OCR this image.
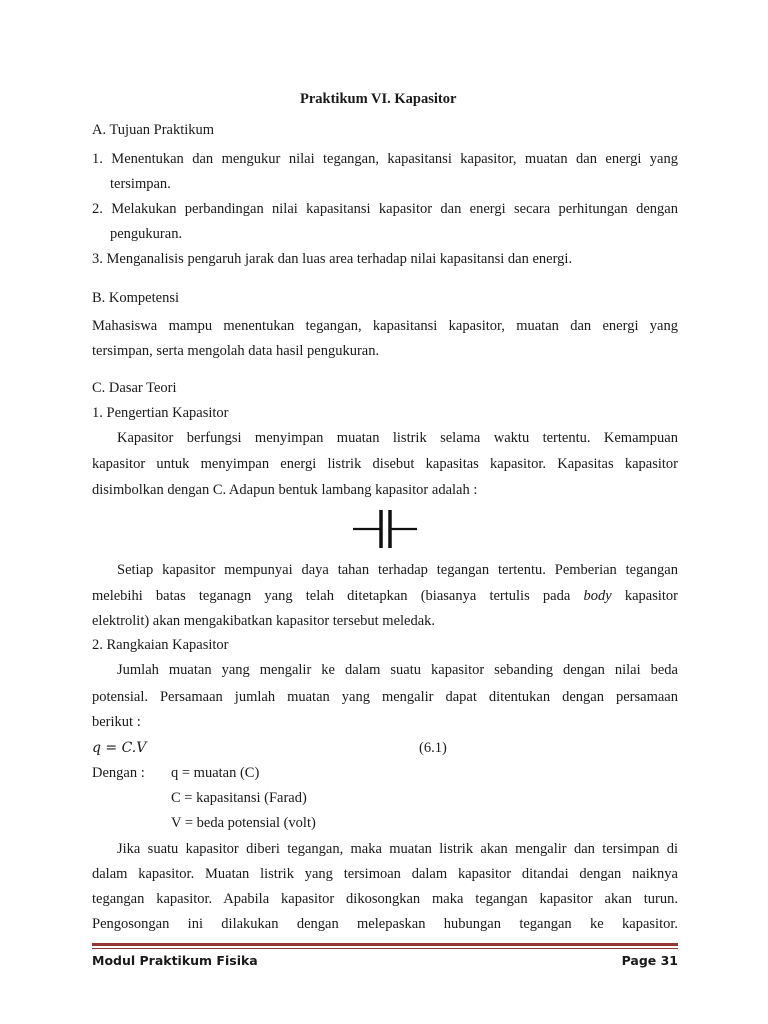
Praktikum VI. Kapasitor
A. Tujuan Praktikum
1. Menentukan dan mengukur nilai tegangan, kapasitansi kapasitor, muatan dan energi yang
tersimpan.
2. Melakukan perbandingan nilai kapasitansi kapasitor dan energi secara perhitungan dengan
pengukuran.
3. Menganalisis pengaruh jarak dan luas area terhadap nilai kapasitansi dan energi.
B. Kompetensi
Mahasiswa mampu menentukan tegangan, kapasitansi kapasitor, muatan dan energi yang
tersimpan, serta mengolah data hasil pengukuran.
C. Dasar Teori
1. Pengertian Kapasitor
Kapasitor berfungsi menyimpan muatan listrik selama waktu tertentu. Kemampuan
kapasitor untuk menyimpan energi listrik disebut kapasitas kapasitor. Kapasitas kapasitor
disimbolkan dengan C. Adapun bentuk lambang kapasitor adalah :
Setiap kapasitor mempunyai daya tahan terhadap tegangan tertentu. Pemberian tegangan
melebihi batas teganagn yang telah ditetapkan (biasanya tertulis pada body kapasitor
elektrolit) akan mengakibatkan kapasitor tersebut meledak.
2. Rangkaian Kapasitor
Jumlah muatan yang mengalir ke dalam suatu kapasitor sebanding dengan nilai beda
potensial. Persamaan jumlah muatan yang mengalir dapat ditentukan dengan persamaan
berikut :
q = C.V	(6.1)
Dengan : q = muatan (C)
C = kapasitansi (Farad)
V = beda potensial (volt)
Jika suatu kapasitor diberi tegangan, maka muatan listrik akan mengalir dan tersimpan di
dalam kapasitor. Muatan listrik yang tersimoan dalam kapasitor ditandai dengan naiknya
tegangan kapasitor. Apabila kapasitor dikosongkan maka tegangan kapasitor akan turun.
Pengosongan ini dilakukan dengan melepaskan hubungan tegangan ke kapasitor.
Modul Praktikum Fisika	Page 31
